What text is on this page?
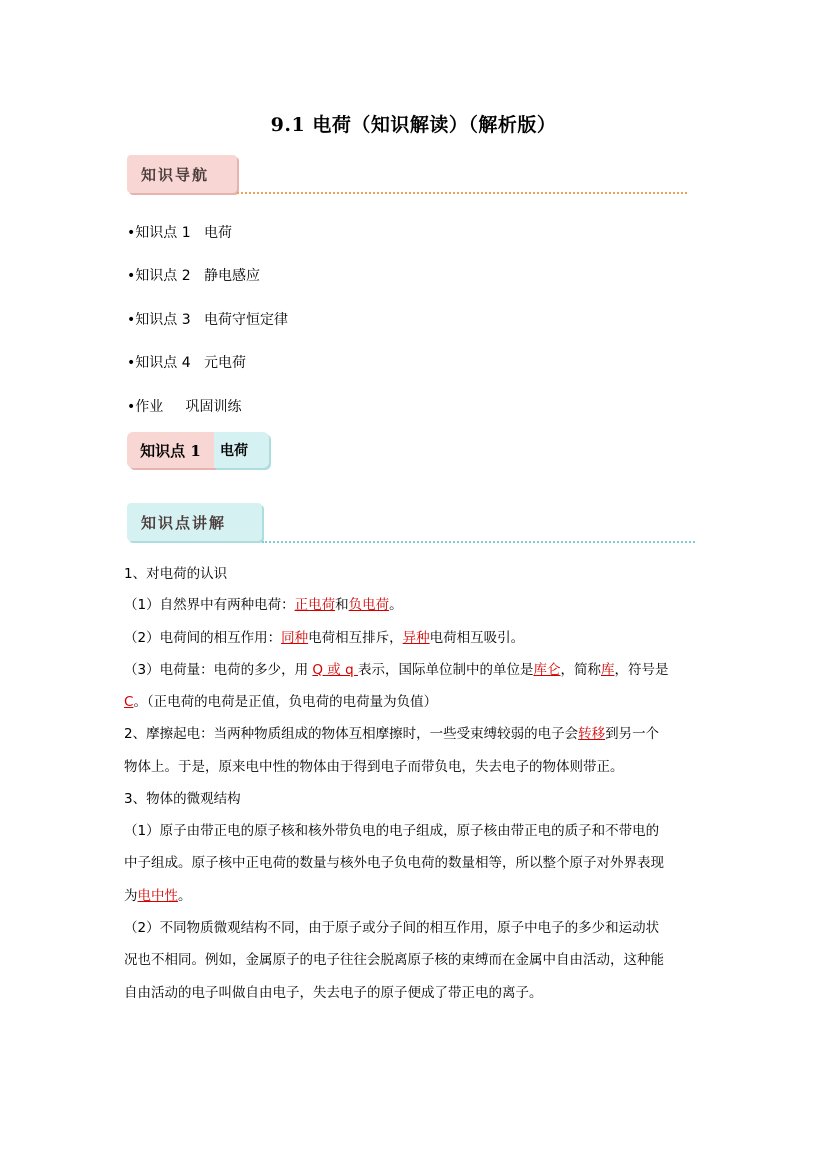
9.1 电荷（知识解读）（解析版）
知识导航
•知识点 1   电荷
•知识点 2   静电感应
•知识点 3   电荷守恒定律
•知识点 4   元电荷
•作业     巩固训练
知识点 1	电荷
知识点讲解
1、对电荷的认识
（1）自然界中有两种电荷：正电荷和负电荷。
（2）电荷间的相互作用：同种电荷相互排斥，异种电荷相互吸引。
（3）电荷量：电荷的多少，用 Q 或 q 表示，国际单位制中的单位是库仑，简称库，符号是
C。（正电荷的电荷是正值，负电荷的电荷量为负值）
2、摩擦起电：当两种物质组成的物体互相摩擦时，一些受束缚较弱的电子会转移到另一个
物体上。于是，原来电中性的物体由于得到电子而带负电，失去电子的物体则带正。
3、物体的微观结构
（1）原子由带正电的原子核和核外带负电的电子组成，原子核由带正电的质子和不带电的
中子组成。原子核中正电荷的数量与核外电子负电荷的数量相等，所以整个原子对外界表现
为电中性。
（2）不同物质微观结构不同，由于原子或分子间的相互作用，原子中电子的多少和运动状
况也不相同。例如，金属原子的电子往往会脱离原子核的束缚而在金属中自由活动，这种能
自由活动的电子叫做自由电子，失去电子的原子便成了带正电的离子。
